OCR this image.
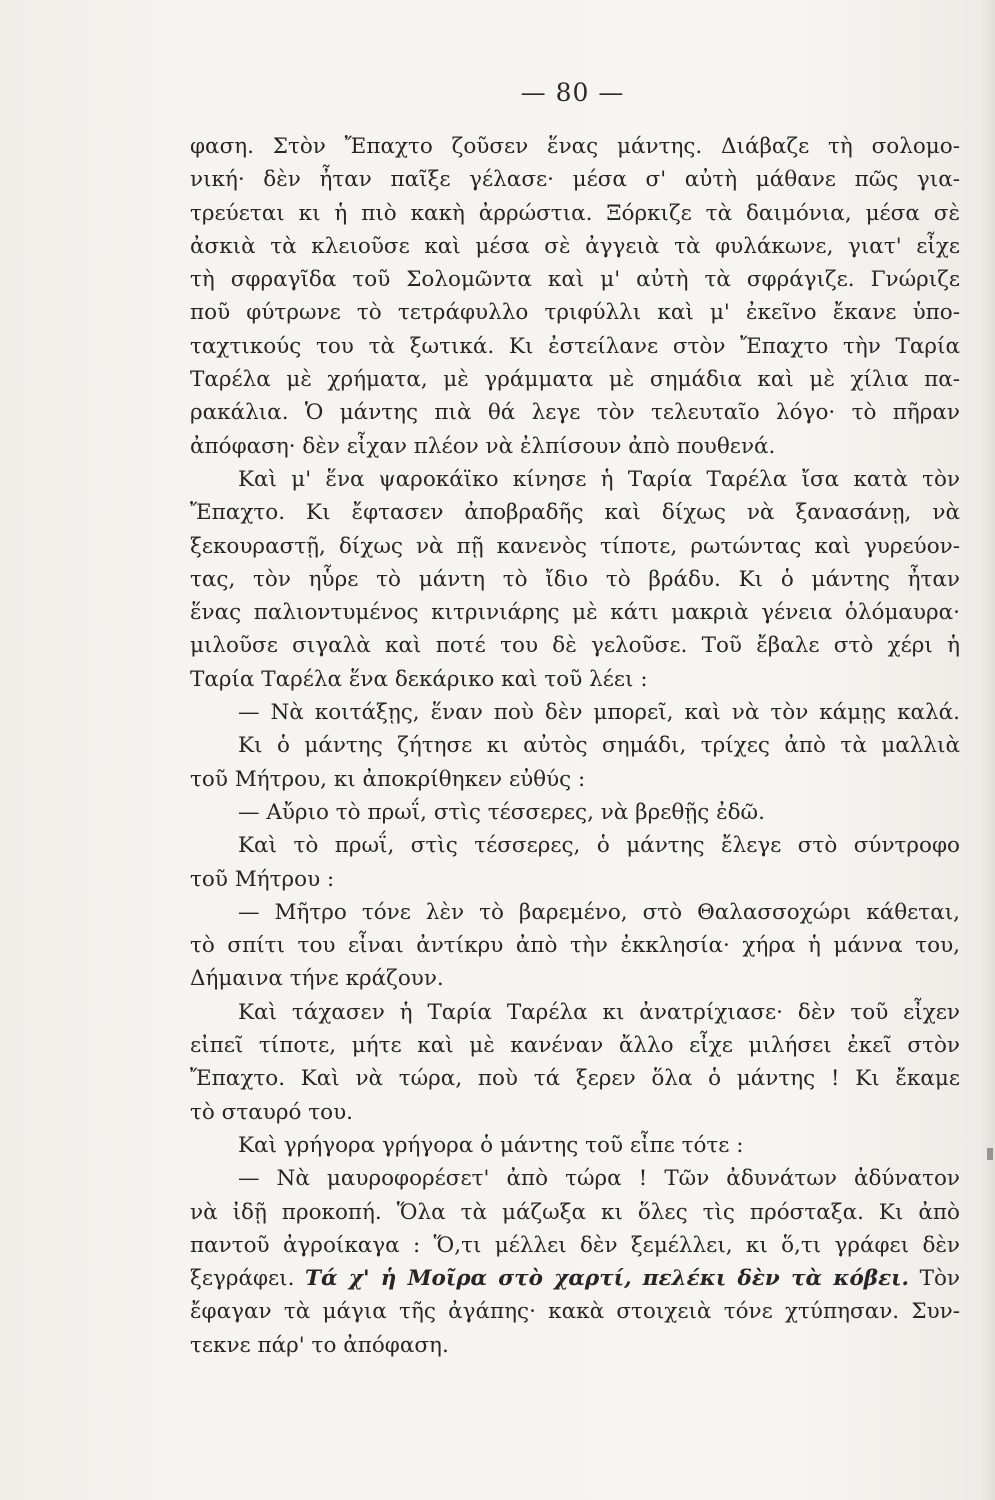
— 80 —
φαση. Στὸν Ἔπαχτο ζοῦσεν ἕνας μάντης. Διάβαζε τὴ σολομο-
νική· δὲν ἦταν παῖξε γέλασε· μέσα σ' αὐτὴ μάθανε πῶς για-
τρεύεται κι ἡ πιὸ κακὴ ἀρρώστια. Ξόρκιζε τὰ δαιμόνια, μέσα σὲ
ἀσκιὰ τὰ κλειοῦσε καὶ μέσα σὲ ἀγγειὰ τὰ φυλάκωνε, γιατ' εἶχε
τὴ σφραγῖδα τοῦ Σολομῶντα καὶ μ' αὐτὴ τὰ σφράγιζε. Γνώριζε
ποῦ φύτρωνε τὸ τετράφυλλο τριφύλλι καὶ μ' ἐκεῖνο ἔκανε ὑπο-
ταχτικούς του τὰ ξωτικά. Κι ἐστείλανε στὸν Ἔπαχτο τὴν Ταρία
Ταρέλα μὲ χρήματα, μὲ γράμματα μὲ σημάδια καὶ μὲ χίλια πα-
ρακάλια. Ὁ μάντης πιὰ θά λεγε τὸν τελευταῖο λόγο· τὸ πῆραν
ἀπόφαση· δὲν εἶχαν πλέον νὰ ἐλπίσουν ἀπὸ πουθενά.
Καὶ μ' ἕνα ψαροκάϊκο κίνησε ἡ Ταρία Ταρέλα ἴσα κατὰ τὸν
Ἔπαχτο. Κι ἔφτασεν ἀποβραδῆς καὶ δίχως νὰ ξανασάνῃ, νὰ
ξεκουραστῇ, δίχως νὰ πῇ κανενὸς τίποτε, ρωτώντας καὶ γυρεύον-
τας, τὸν ηὗρε τὸ μάντη τὸ ἴδιο τὸ βράδυ. Κι ὁ μάντης ἦταν
ἕνας παλιοντυμένος κιτρινιάρης μὲ κάτι μακριὰ γένεια ὁλόμαυρα·
μιλοῦσε σιγαλὰ καὶ ποτέ του δὲ γελοῦσε. Τοῦ ἔβαλε στὸ χέρι ἡ
Ταρία Ταρέλα ἕνα δεκάρικο καὶ τοῦ λέει :
— Νὰ κοιτάξῃς, ἕναν ποὺ δὲν μπορεῖ, καὶ νὰ τὸν κάμῃς καλά.
Κι ὁ μάντης ζήτησε κι αὐτὸς σημάδι, τρίχες ἀπὸ τὰ μαλλιὰ
τοῦ Μήτρου, κι ἀποκρίθηκεν εὐθύς :
— Αὔριο τὸ πρωΐ, στὶς τέσσερες, νὰ βρεθῇς ἐδῶ.
Καὶ τὸ πρωΐ, στὶς τέσσερες, ὁ μάντης ἔλεγε στὸ σύντροφο
τοῦ Μήτρου :
— Μῆτρο τόνε λὲν τὸ βαρεμένο, στὸ Θαλασσοχώρι κάθεται,
τὸ σπίτι του εἶναι ἀντίκρυ ἀπὸ τὴν ἐκκλησία· χήρα ἡ μάννα του,
Δήμαινα τήνε κράζουν.
Καὶ τάχασεν ἡ Ταρία Ταρέλα κι ἀνατρίχιασε· δὲν τοῦ εἶχεν
εἰπεῖ τίποτε, μήτε καὶ μὲ κανέναν ἄλλο εἶχε μιλήσει ἐκεῖ στὸν
Ἔπαχτο. Καὶ νὰ τώρα, ποὺ τά ξερεν ὅλα ὁ μάντης ! Κι ἔκαμε
τὸ σταυρό του.
Καὶ γρήγορα γρήγορα ὁ μάντης τοῦ εἶπε τότε :
— Νὰ μαυροφορέσετ' ἀπὸ τώρα ! Τῶν ἀδυνάτων ἀδύνατον
νὰ ἰδῇ προκοπή. Ὅλα τὰ μάζωξα κι ὅλες τὶς πρόσταξα. Κι ἀπὸ
παντοῦ ἀγροίκαγα : Ὅ,τι μέλλει δὲν ξεμέλλει, κι ὅ,τι γράφει δὲν
ξεγράφει. Τά χ' ἡ Μοῖρα στὸ χαρτί, πελέκι δὲν τὰ κόβει. Τὸν
ἔφαγαν τὰ μάγια τῆς ἀγάπης· κακὰ στοιχειὰ τόνε χτύπησαν. Συν-
τεκνε πάρ' το ἀπόφαση.
